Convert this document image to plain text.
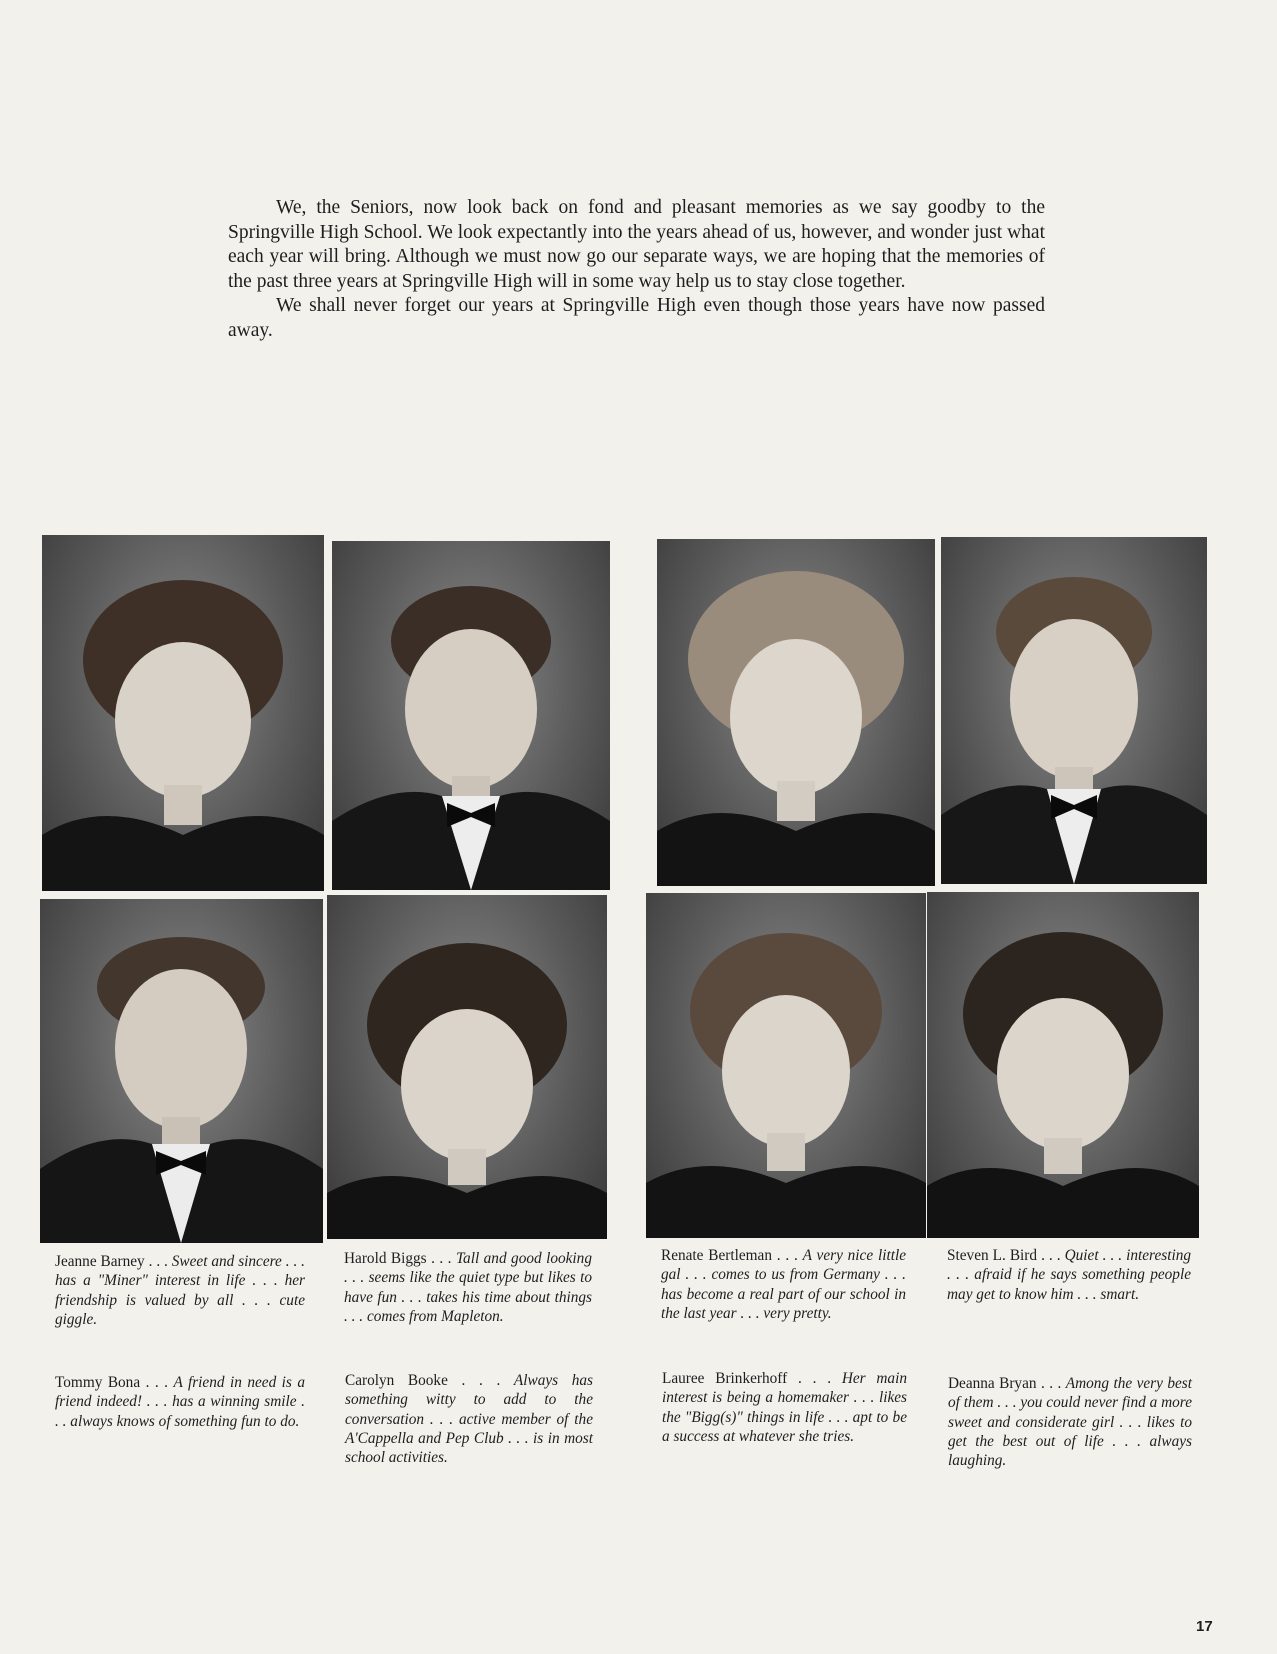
We, the Seniors, now look back on fond and pleasant memories as we say goodby to the Springville High School. We look expectantly into the years ahead of us, however, and wonder just what each year will bring. Although we must now go our separate ways, we are hoping that the memories of the past three years at Springville High will in some way help us to stay close together.

We shall never forget our years at Springville High even though those years have now passed away.

Jeanne Barney . . . Sweet and sincere . . . has a "Miner" interest in life . . . her friendship is valued by all . . . cute giggle.
Harold Biggs . . . Tall and good looking . . . seems like the quiet type but likes to have fun . . . takes his time about things . . . comes from Mapleton.
Renate Bertleman . . . A very nice little gal . . . comes to us from Germany . . . has become a real part of our school in the last year . . . very pretty.
Steven L. Bird . . . Quiet . . . interesting . . . afraid if he says something people may get to know him . . . smart.
Tommy Bona . . . A friend in need is a friend indeed! . . . has a winning smile . . . always knows of something fun to do.
Carolyn Booke . . . Always has something witty to add to the conversation . . . active member of the A'Cappella and Pep Club . . . is in most school activities.
Lauree Brinkerhoff . . . Her main interest is being a homemaker . . . likes the "Bigg(s)" things in life . . . apt to be a success at whatever she tries.
Deanna Bryan . . . Among the very best of them . . . you could never find a more sweet and considerate girl . . . likes to get the best out of life . . . always laughing.
17
